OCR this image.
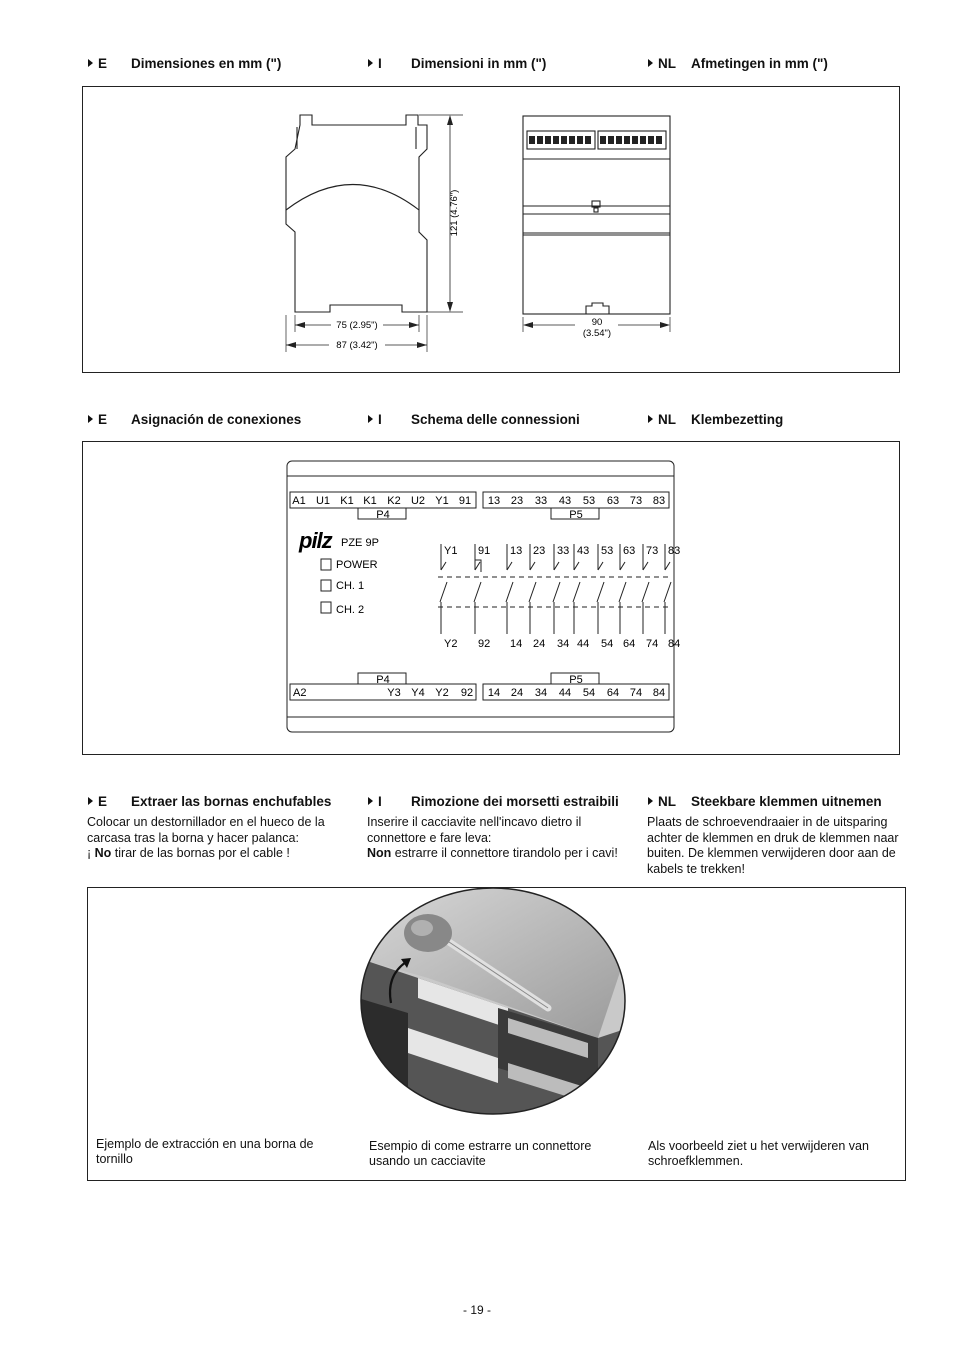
E Dimensiones en mm (")	I Dimensioni in mm (")	NL Afmetingen in mm (")
121 (4.76")
75 (2.95")
87 (3.42")
90
(3.54")
E Asignación de conexiones	I Schema delle connessioni	NL Klembezetting
A1 U1 K1 K1 K2 U2 Y1 91 13 23 33 43 53 63 73 83
A2	Y3 Y4 Y2 92 14 24 34 44 54 64 74 84
Y1
Y2
91
92
13
14
23
24
33
34
43
44
53
54
63
64
73
74
83
84
pilz PZE 9P
POWER
CH. 1
CH. 2
P4	P5
P4	P5
E Extraer las bornas enchufables	I Rimozione dei morsetti estraibili	NL Steekbare klemmen uitnemen
Colocar un destornillador en el hueco de la carcasa tras la borna y hacer palanca:
¡ No tirar de las bornas por el cable !
Inserire il cacciavite nell'incavo dietro il connettore e fare leva:
Non estrarre il connettore tirandolo per i cavi!
Plaats de schroevendraaier in de uitsparing achter de klemmen en druk de klemmen naar buiten. De klemmen verwijderen door aan de kabels te trekken!
Ejemplo de extracción en una borna de tornillo
Esempio di come estrarre un connettore usando un cacciavite
Als voorbeeld ziet u het verwijderen van schroefklemmen.
- 19 -
